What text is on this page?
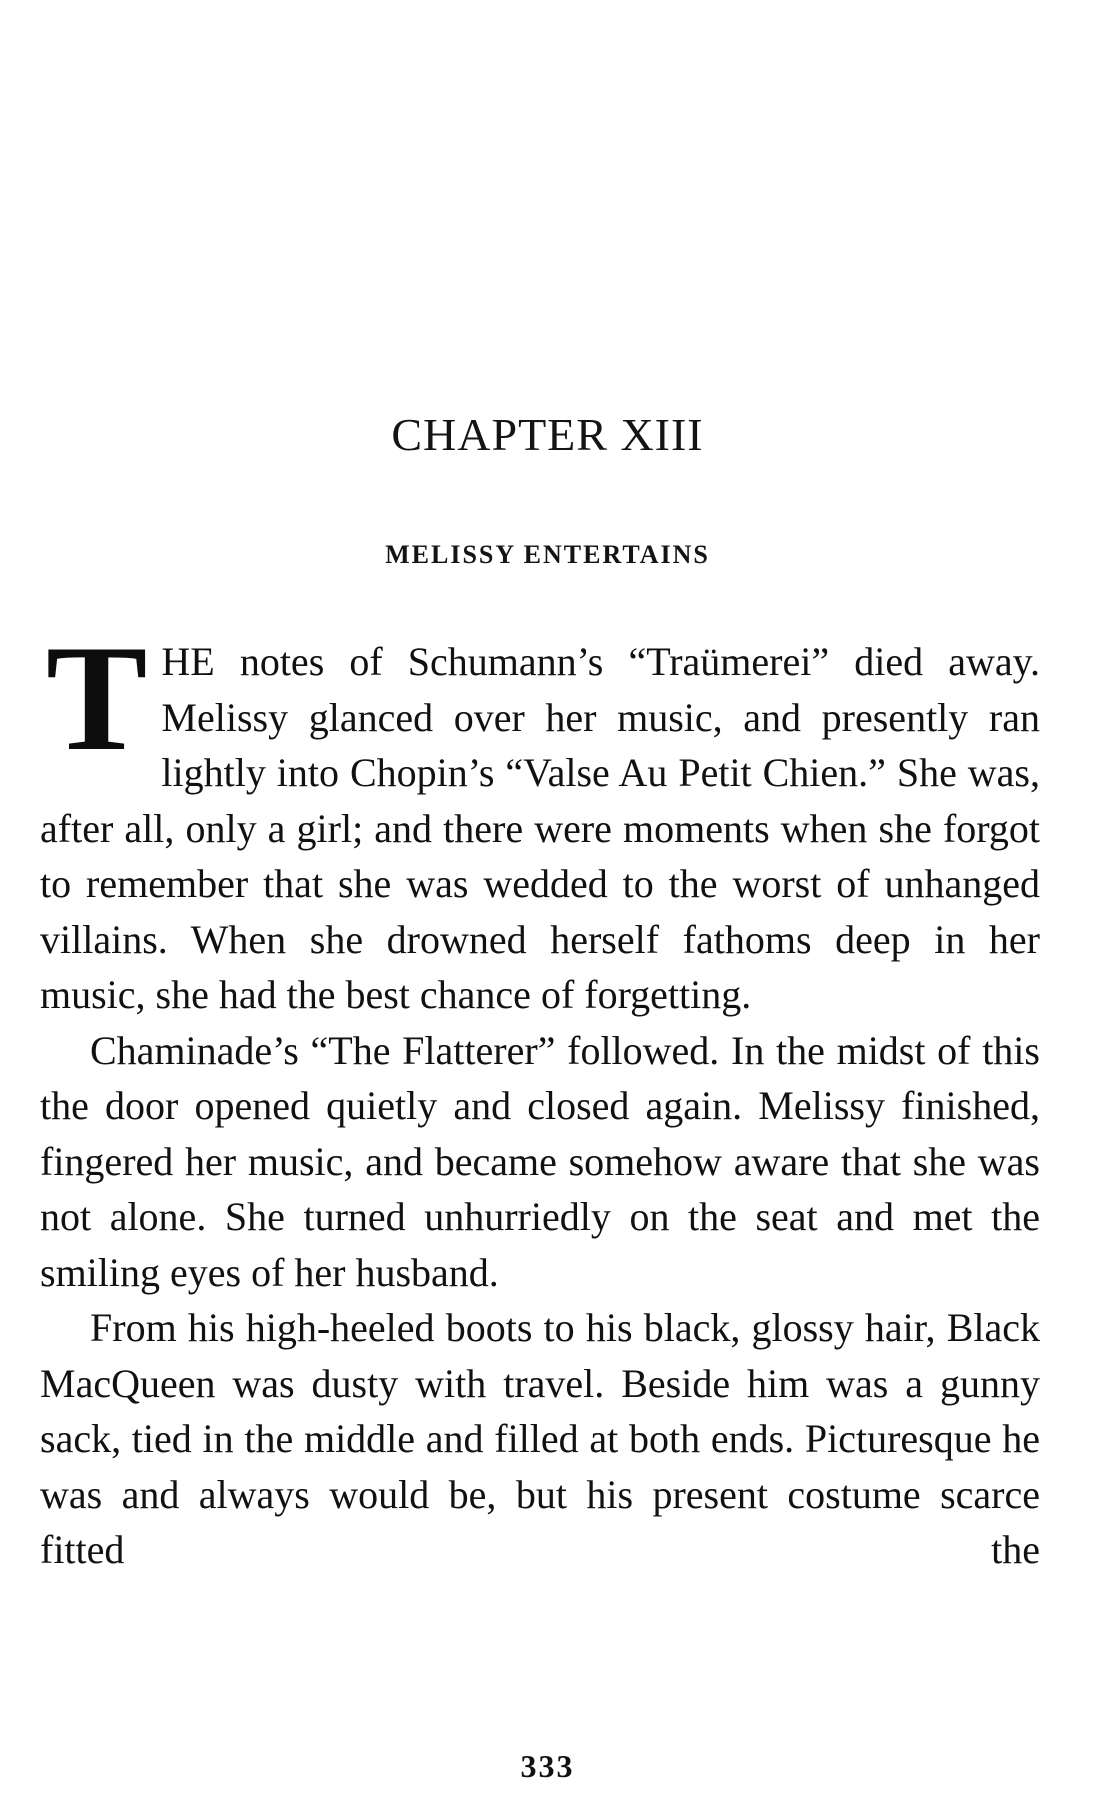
CHAPTER XIII
MELISSY ENTERTAINS

THE notes of Schumann’s “Traümerei” died away. Melissy glanced over her music, and presently ran lightly into Chopin’s “Valse Au Petit Chien.” She was, after all, only a girl; and there were moments when she forgot to remember that she was wedded to the worst of unhanged villains. When she drowned herself fathoms deep in her music, she had the best chance of forgetting.

Chaminade’s “The Flatterer” followed. In the midst of this the door opened quietly and closed again. Melissy finished, fingered her music, and became somehow aware that she was not alone. She turned unhurriedly on the seat and met the smiling eyes of her husband.

From his high-heeled boots to his black, glossy hair, Black MacQueen was dusty with travel. Beside him was a gunny sack, tied in the middle and filled at both ends. Picturesque he was and always would be, but his present costume scarce fitted the

333
